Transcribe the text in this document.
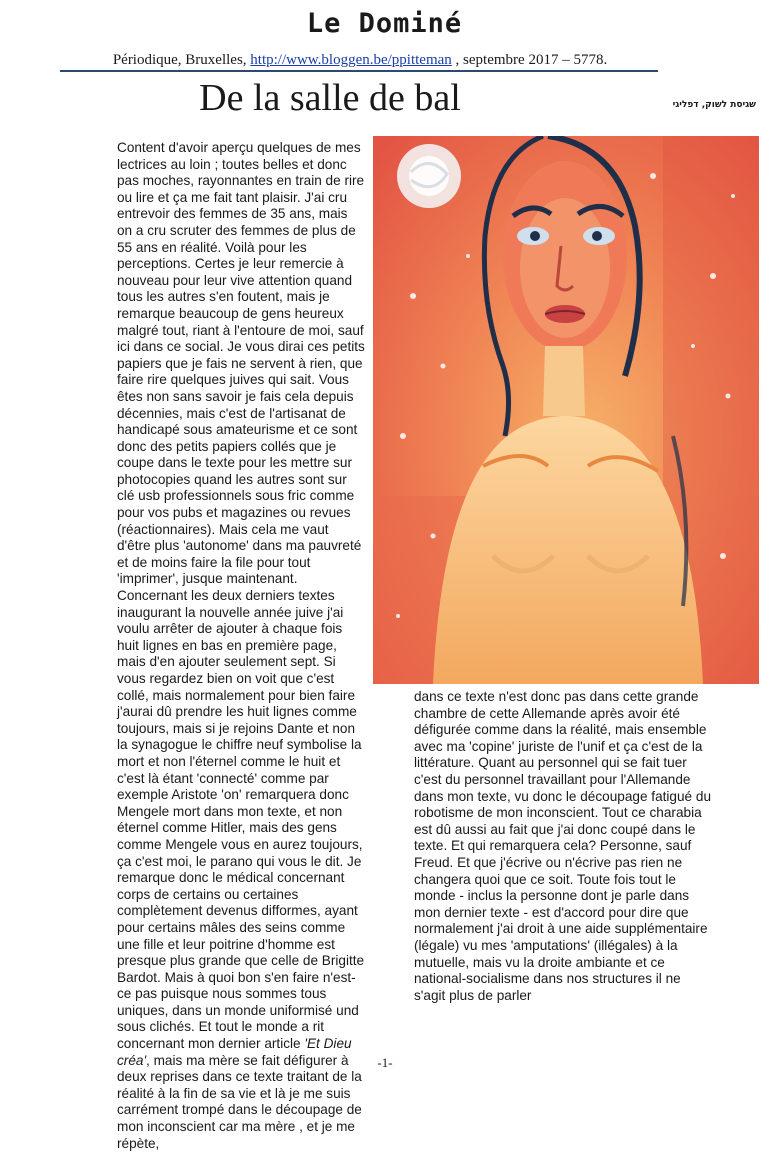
Le Dominé
Périodique, Bruxelles, http://www.bloggen.be/ppitteman , septembre 2017 – 5778.
De la salle de bal	שגיסת לשוק, דפליגי
Content d'avoir aperçu quelques de mes lectrices au loin ; toutes belles et donc pas moches, rayonnantes en train de rire ou lire et ça me fait tant plaisir. J'ai cru entrevoir des femmes de 35 ans, mais on a cru scruter des femmes de plus de 55 ans en réalité. Voilà pour les perceptions. Certes je leur remercie à nouveau pour leur vive attention quand tous les autres s'en foutent, mais je remarque beaucoup de gens heureux malgré tout, riant à l'entoure de moi, sauf ici dans ce social. Je vous dirai ces petits papiers que je fais ne servent à rien, que faire rire quelques juives qui sait. Vous êtes non sans savoir je fais cela depuis décennies, mais c'est de l'artisanat de handicapé sous amateurisme et ce sont donc des petits papiers collés que je coupe dans le texte pour les mettre sur photocopies quand les autres sont sur clé usb professionnels sous fric comme pour vos pubs et magazines ou revues (réactionnaires). Mais cela me vaut d'être plus 'autonome' dans ma pauvreté et de moins faire la file pour tout 'imprimer', jusque maintenant. Concernant les deux derniers textes inaugurant la nouvelle année juive j'ai voulu arrêter de ajouter à chaque fois huit lignes en bas en première page, mais d'en ajouter seulement sept. Si vous regardez bien on voit que c'est collé, mais normalement pour bien faire j'aurai dû prendre les huit lignes comme toujours, mais si je rejoins Dante et non la synagogue le chiffre neuf symbolise la mort et non l'éternel comme le huit et c'est là étant 'connecté' comme par exemple Aristote 'on' remarquera donc Mengele mort dans mon texte, et non éternel comme Hitler, mais des gens comme Mengele vous en aurez toujours, ça c'est moi, le parano qui vous le dit. Je remarque donc le médical concernant corps de certains ou certaines complètement devenus difformes, ayant pour certains mâles des seins comme une fille et leur poitrine d'homme est presque plus grande que celle de Brigitte Bardot. Mais à quoi bon s'en faire n'est-ce pas puisque nous sommes tous uniques, dans un monde uniformisé und sous clichés. Et tout le monde a rit concernant mon dernier article 'Et Dieu créa', mais ma mère se fait défigurer à deux reprises dans ce texte traitant de la réalité à la fin de sa vie et là je me suis carrément trompé dans le découpage de mon inconscient car ma mère , et je me répète,
dans ce texte n'est donc pas dans cette grande chambre de cette Allemande après avoir été défigurée comme dans la réalité, mais ensemble avec ma 'copine' juriste de l'unif et ça c'est de la littérature. Quant au personnel qui se fait tuer c'est du personnel travaillant pour l'Allemande dans mon texte, vu donc le découpage fatigué du robotisme de mon inconscient. Tout ce charabia est dû aussi au fait que j'ai donc coupé dans le texte. Et qui remarquera cela? Personne, sauf Freud. Et que j'écrive ou n'écrive pas rien ne changera quoi que ce soit. Toute fois tout le monde - inclus la personne dont je parle dans mon dernier texte - est d'accord pour dire que normalement j'ai droit à une aide supplémentaire (légale) vu mes 'amputations' (illégales) à la mutuelle, mais vu la droite ambiante et ce national-socialisme dans nos structures il ne s'agit plus de parler
-1-
